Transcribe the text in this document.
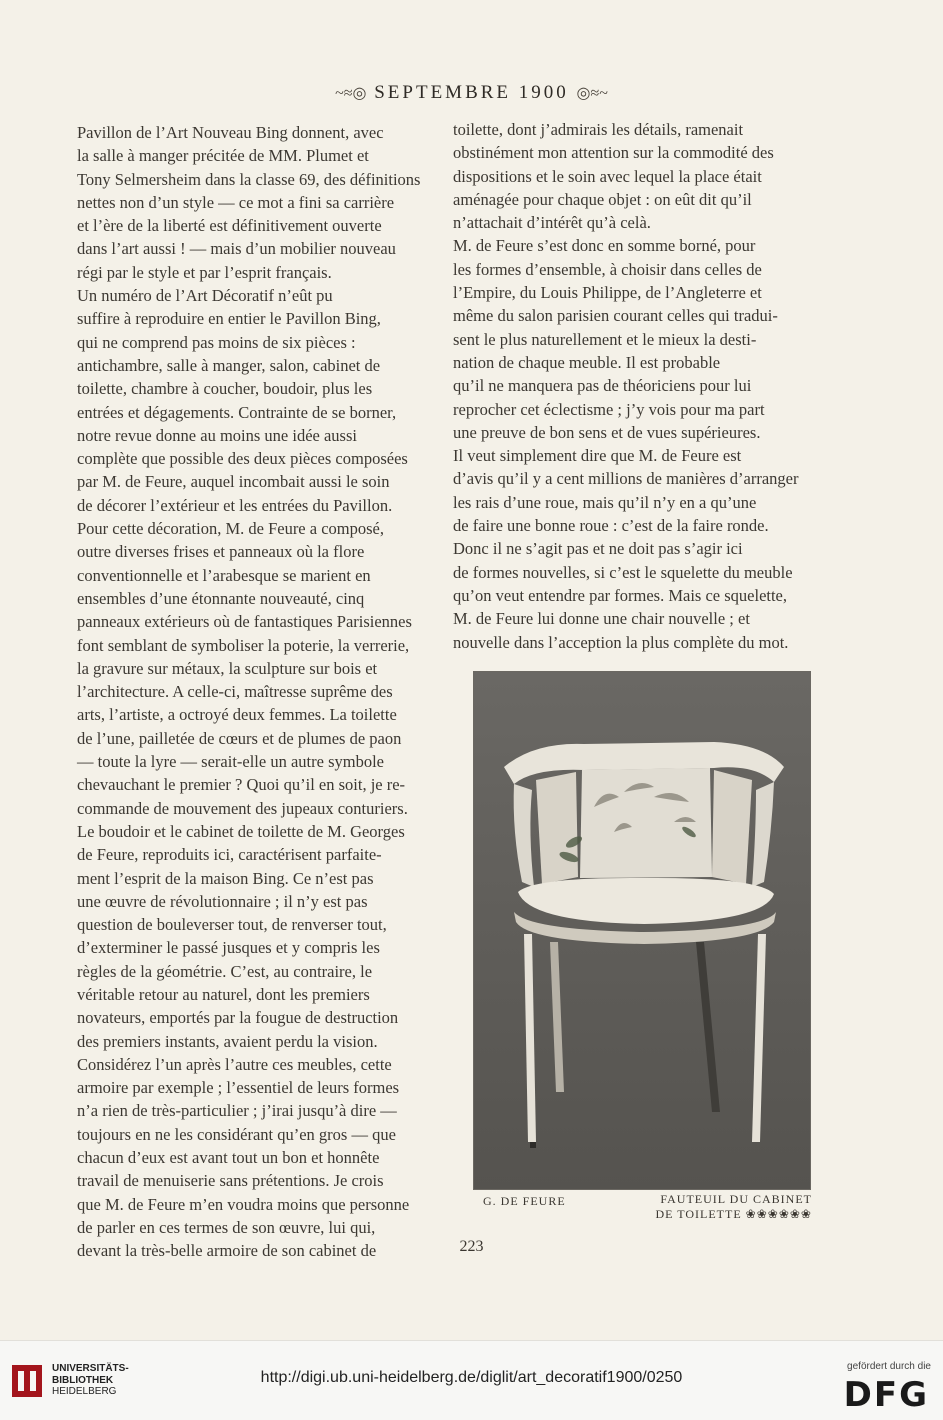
~≈◎ SEPTEMBRE 1900 ◎≈~
Pavillon de l’Art Nouveau Bing donnent, avec
la salle à manger précitée de MM. Plumet et
Tony Selmersheim dans la classe 69, des définitions
nettes non d’un style — ce mot a fini sa carrière
et l’ère de la liberté est définitivement ouverte
dans l’art aussi ! — mais d’un mobilier nouveau
régi par le style et par l’esprit français.
Un numéro de l’Art Décoratif n’eût pu
suffire à reproduire en entier le Pavillon Bing,
qui ne comprend pas moins de six pièces :
antichambre, salle à manger, salon, cabinet de
toilette, chambre à coucher, boudoir, plus les
entrées et dégagements. Contrainte de se borner,
notre revue donne au moins une idée aussi
complète que possible des deux pièces composées
par M. de Feure, auquel incombait aussi le soin
de décorer l’extérieur et les entrées du Pavillon.
Pour cette décoration, M. de Feure a composé,
outre diverses frises et panneaux où la flore
conventionnelle et l’arabesque se marient en
ensembles d’une étonnante nouveauté, cinq
panneaux extérieurs où de fantastiques Parisiennes
font semblant de symboliser la poterie, la verrerie,
la gravure sur métaux, la sculpture sur bois et
l’architecture. A celle-ci, maîtresse suprême des
arts, l’artiste, a octroyé deux femmes. La toilette
de l’une, pailletée de cœurs et de plumes de paon
— toute la lyre — serait-elle un autre symbole
chevauchant le premier ? Quoi qu’il en soit, je re-
commande de mouvement des jupeaux conturiers.
Le boudoir et le cabinet de toilette de M. Georges
de Feure, reproduits ici, caractérisent parfaite-
ment l’esprit de la maison Bing. Ce n’est pas
une œuvre de révolutionnaire ; il n’y est pas
question de bouleverser tout, de renverser tout,
d’exterminer le passé jusques et y compris les
règles de la géométrie. C’est, au contraire, le
véritable retour au naturel, dont les premiers
novateurs, emportés par la fougue de destruction
des premiers instants, avaient perdu la vision.
Considérez l’un après l’autre ces meubles, cette
armoire par exemple ; l’essentiel de leurs formes
n’a rien de très-particulier ; j’irai jusqu’à dire —
toujours en ne les considérant qu’en gros — que
chacun d’eux est avant tout un bon et honnête
travail de menuiserie sans prétentions. Je crois
que M. de Feure m’en voudra moins que personne
de parler en ces termes de son œuvre, lui qui,
devant la très-belle armoire de son cabinet de
toilette, dont j’admirais les détails, ramenait
obstinément mon attention sur la commodité des
dispositions et le soin avec lequel la place était
aménagée pour chaque objet : on eût dit qu’il
n’attachait d’intérêt qu’à celà.
M. de Feure s’est donc en somme borné, pour
les formes d’ensemble, à choisir dans celles de
l’Empire, du Louis Philippe, de l’Angleterre et
même du salon parisien courant celles qui tradui-
sent le plus naturellement et le mieux la desti-
nation de chaque meuble. Il est probable
qu’il ne manquera pas de théoriciens pour lui
reprocher cet éclectisme ; j’y vois pour ma part
une preuve de bon sens et de vues supérieures.
Il veut simplement dire que M. de Feure est
d’avis qu’il y a cent millions de manières d’arranger
les rais d’une roue, mais qu’il n’y en a qu’une
de faire une bonne roue : c’est de la faire ronde.
Donc il ne s’agit pas et ne doit pas s’agir ici
de formes nouvelles, si c’est le squelette du meuble
qu’on veut entendre par formes. Mais ce squelette,
M. de Feure lui donne une chair nouvelle ; et
nouvelle dans l’acception la plus complète du mot.
G. DE FEURE	FAUTEUIL DU CABINET
DE TOILETTE ❀❀❀❀❀❀
223
UNIVERSITÄTS-
BIBLIOTHEK
HEIDELBERG
http://digi.ub.uni-heidelberg.de/diglit/art_decoratif1900/0250
gefördert durch die
DFG
